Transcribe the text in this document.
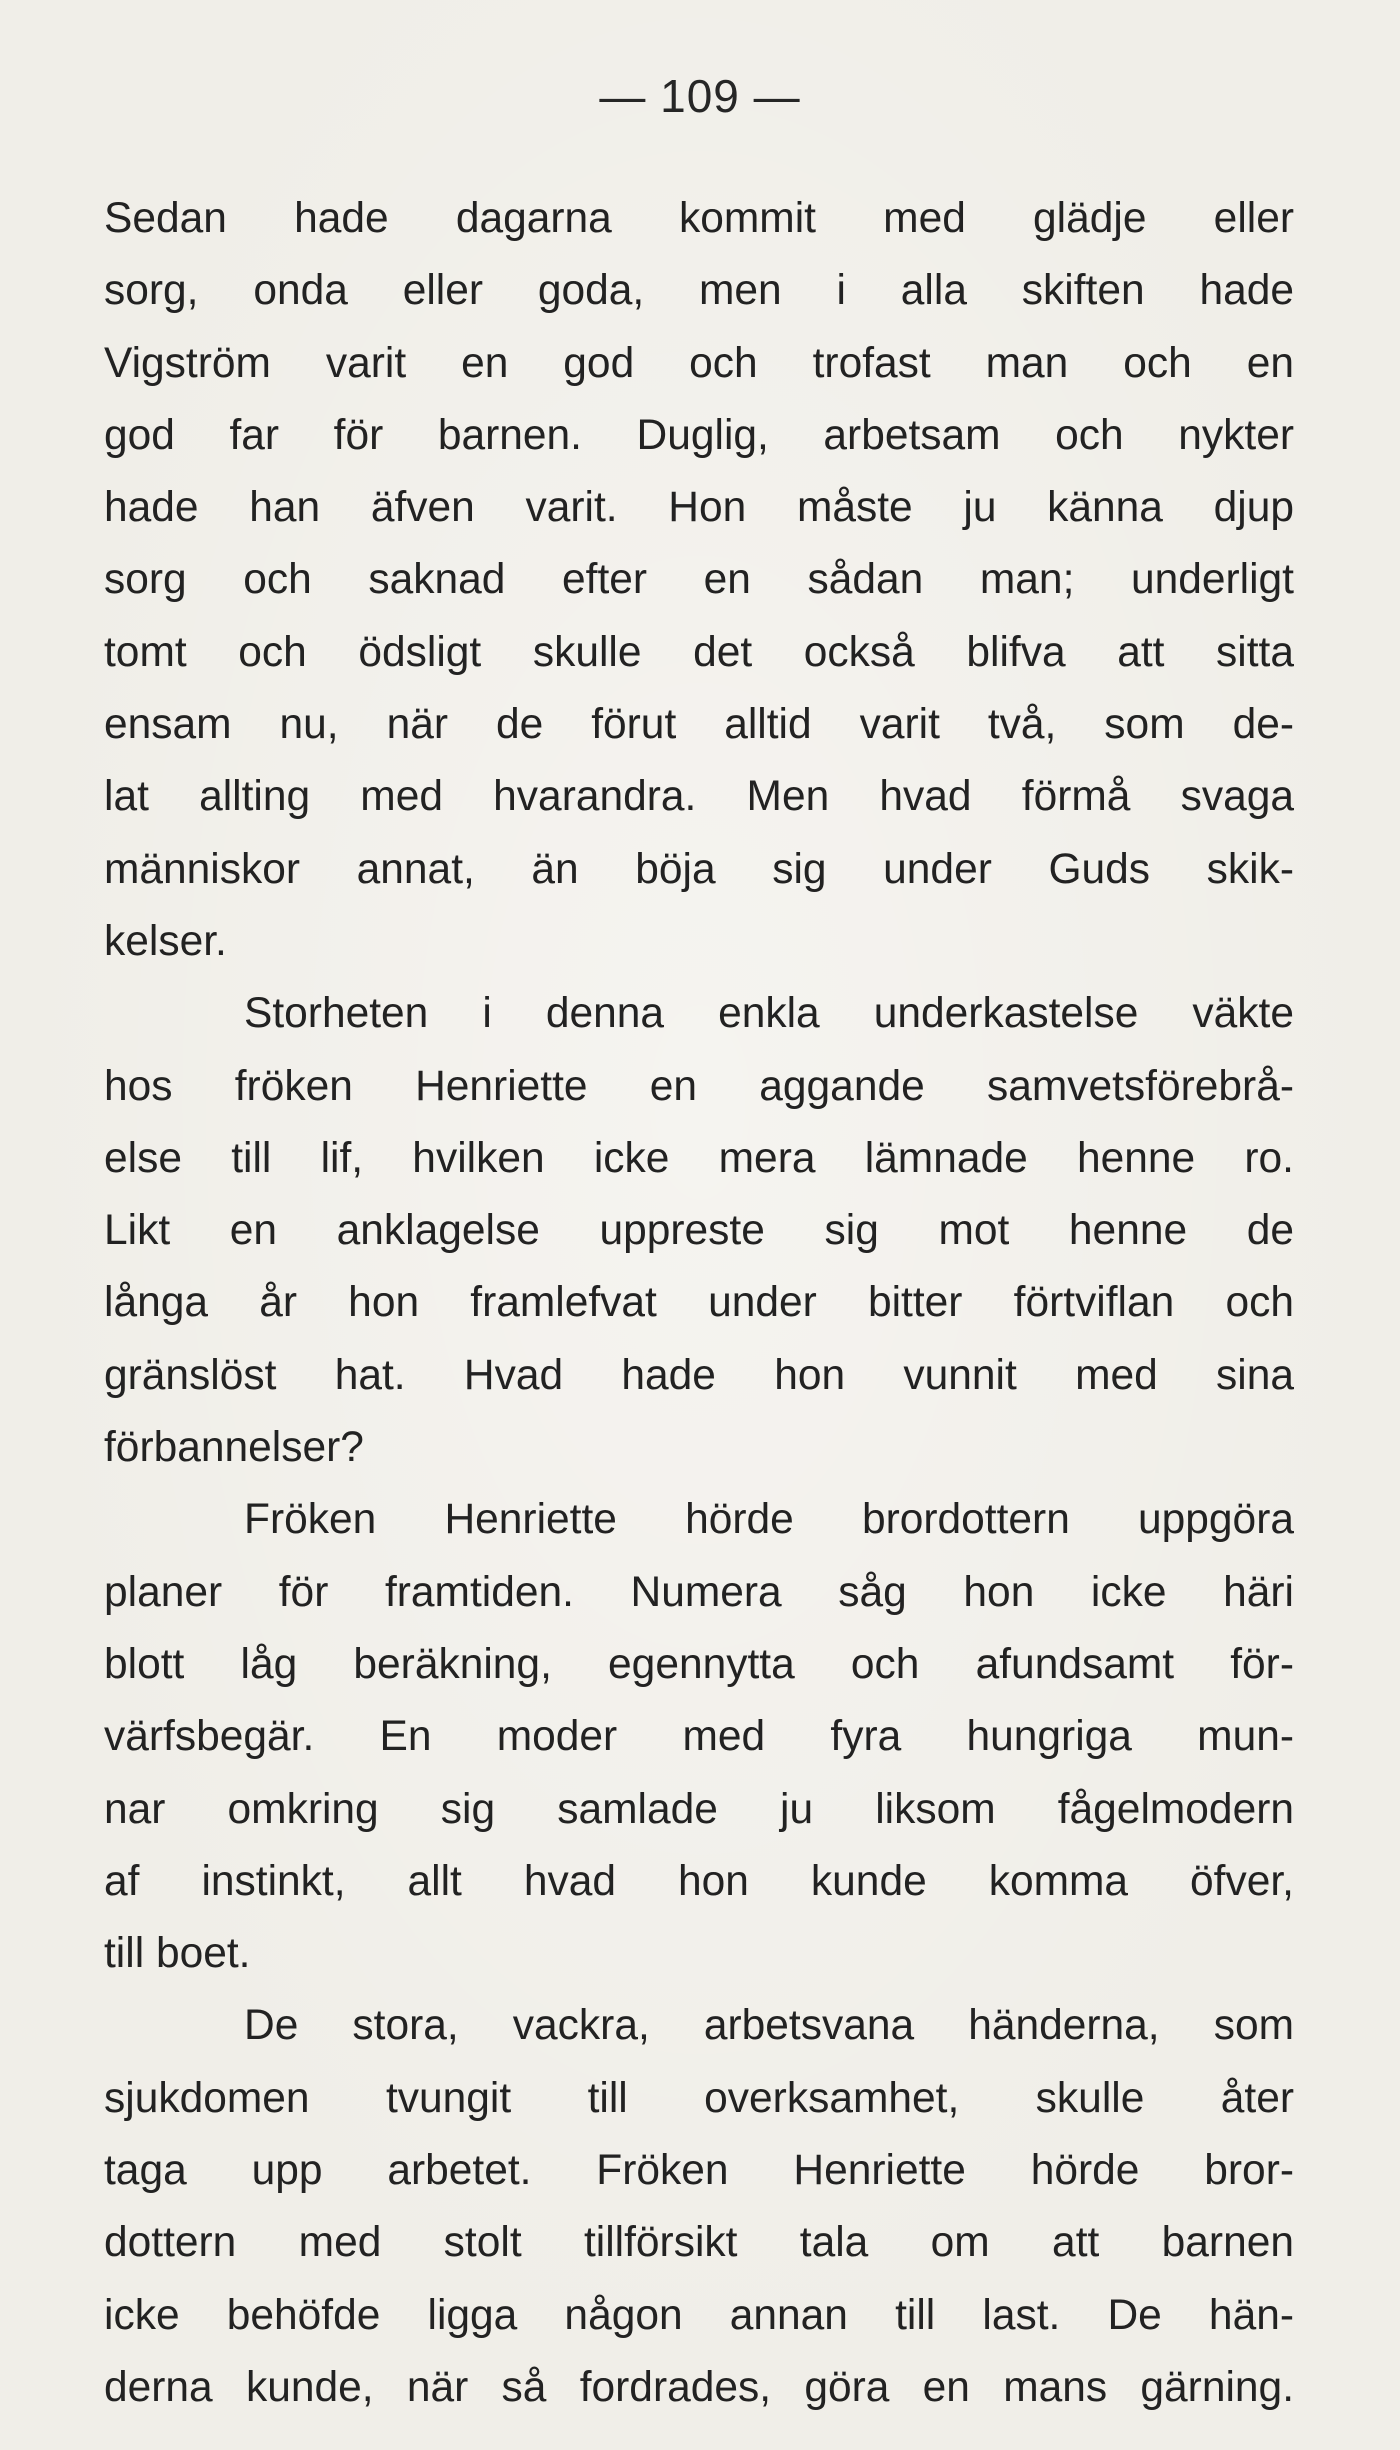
— 109 —
Sedan hade dagarna kommit med glädje eller
sorg, onda eller goda, men i alla skiften hade
Vigström varit en god och trofast man och en
god far för barnen. Duglig, arbetsam och nykter
hade han äfven varit. Hon måste ju känna djup
sorg och saknad efter en sådan man; underligt
tomt och ödsligt skulle det också blifva att sitta
ensam nu, när de förut alltid varit två, som de-
lat allting med hvarandra. Men hvad förmå svaga
människor annat, än böja sig under Guds skik-
kelser.
Storheten i denna enkla underkastelse väkte
hos fröken Henriette en aggande samvetsförebrå-
else till lif, hvilken icke mera lämnade henne ro.
Likt en anklagelse uppreste sig mot henne de
långa år hon framlefvat under bitter förtviflan och
gränslöst hat. Hvad hade hon vunnit med sina
förbannelser?
Fröken Henriette hörde brordottern uppgöra
planer för framtiden. Numera såg hon icke häri
blott låg beräkning, egennytta och afundsamt för-
värfsbegär. En moder med fyra hungriga mun-
nar omkring sig samlade ju liksom fågelmodern
af instinkt, allt hvad hon kunde komma öfver,
till boet.
De stora, vackra, arbetsvana händerna, som
sjukdomen tvungit till overksamhet, skulle åter
taga upp arbetet. Fröken Henriette hörde bror-
dottern med stolt tillförsikt tala om att barnen
icke behöfde ligga någon annan till last. De hän-
derna kunde, när så fordrades, göra en mans gärning.
